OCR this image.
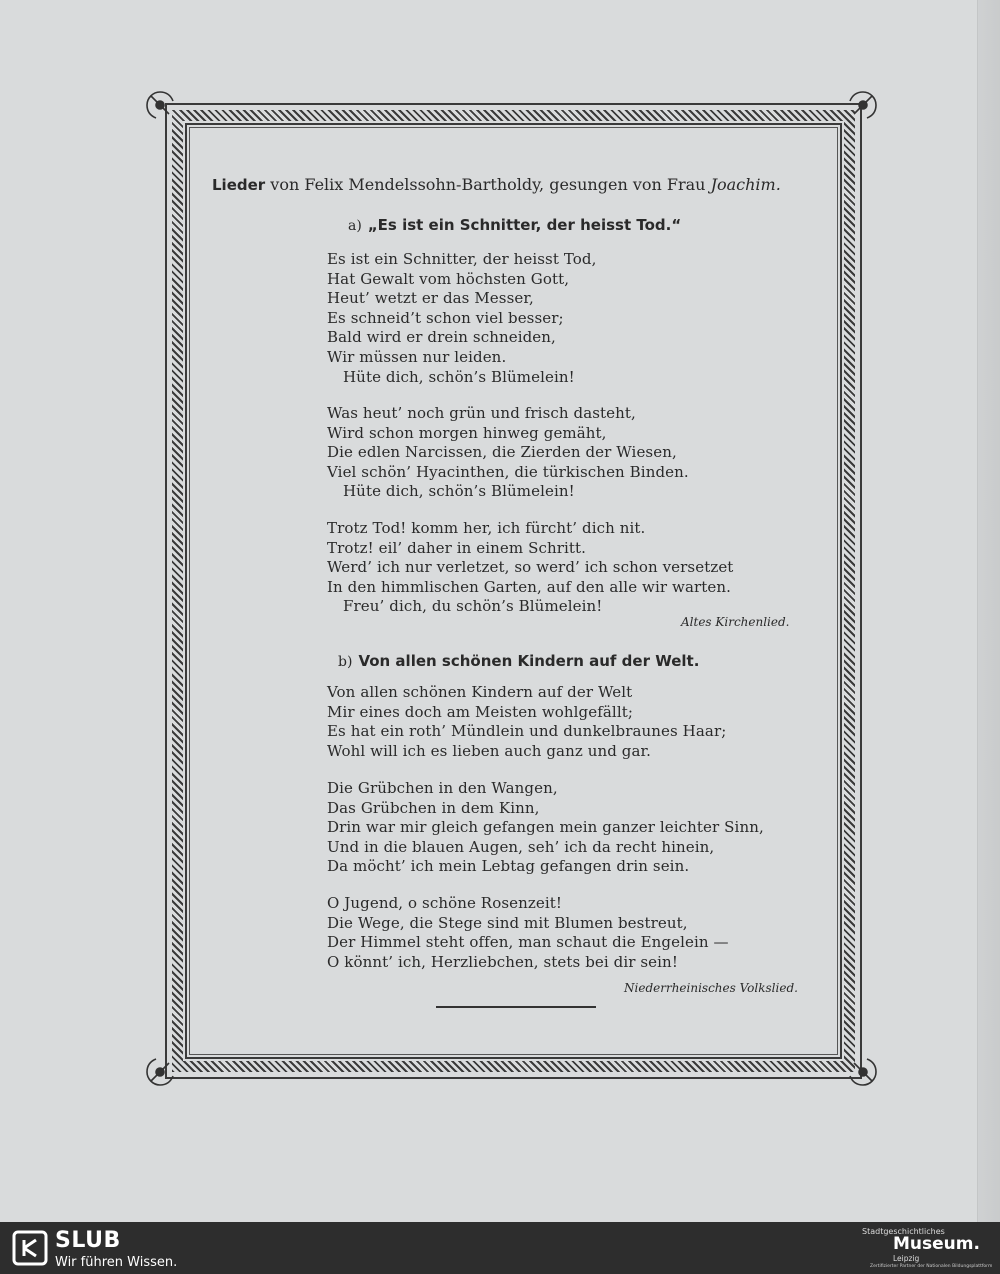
Lieder von Felix Mendelssohn-Bartholdy, gesungen von Frau Joachim.
a) „Es ist ein Schnitter, der heisst Tod.“
Es ist ein Schnitter, der heisst Tod,
Hat Gewalt vom höchsten Gott,
Heut’ wetzt er das Messer,
Es schneid’t schon viel besser;
Bald wird er drein schneiden,
Wir müssen nur leiden.
Hüte dich, schön’s Blümelein!
Was heut’ noch grün und frisch dasteht,
Wird schon morgen hinweg gemäht,
Die edlen Narcissen, die Zierden der Wiesen,
Viel schön’ Hyacinthen, die türkischen Binden.
Hüte dich, schön’s Blümelein!
Trotz Tod! komm her, ich fürcht’ dich nit.
Trotz! eil’ daher in einem Schritt.
Werd’ ich nur verletzet, so werd’ ich schon versetzet
In den himmlischen Garten, auf den alle wir warten.
Freu’ dich, du schön’s Blümelein!
Altes Kirchenlied.
b) Von allen schönen Kindern auf der Welt.
Von allen schönen Kindern auf der Welt
Mir eines doch am Meisten wohlgefällt;
Es hat ein roth’ Mündlein und dunkelbraunes Haar;
Wohl will ich es lieben auch ganz und gar.
Die Grübchen in den Wangen,
Das Grübchen in dem Kinn,
Drin war mir gleich gefangen mein ganzer leichter Sinn,
Und in die blauen Augen, seh’ ich da recht hinein,
Da möcht’ ich mein Lebtag gefangen drin sein.
O Jugend, o schöne Rosenzeit!
Die Wege, die Stege sind mit Blumen bestreut,
Der Himmel steht offen, man schaut die Engelein —
O könnt’ ich, Herzliebchen, stets bei dir sein!
Niederrheinisches Volkslied.
SLUB
Wir führen Wissen.
Stadtgeschichtliches
Museum.
Leipzig
Zertifizierter Partner der Nationalen Bildungsplattform
